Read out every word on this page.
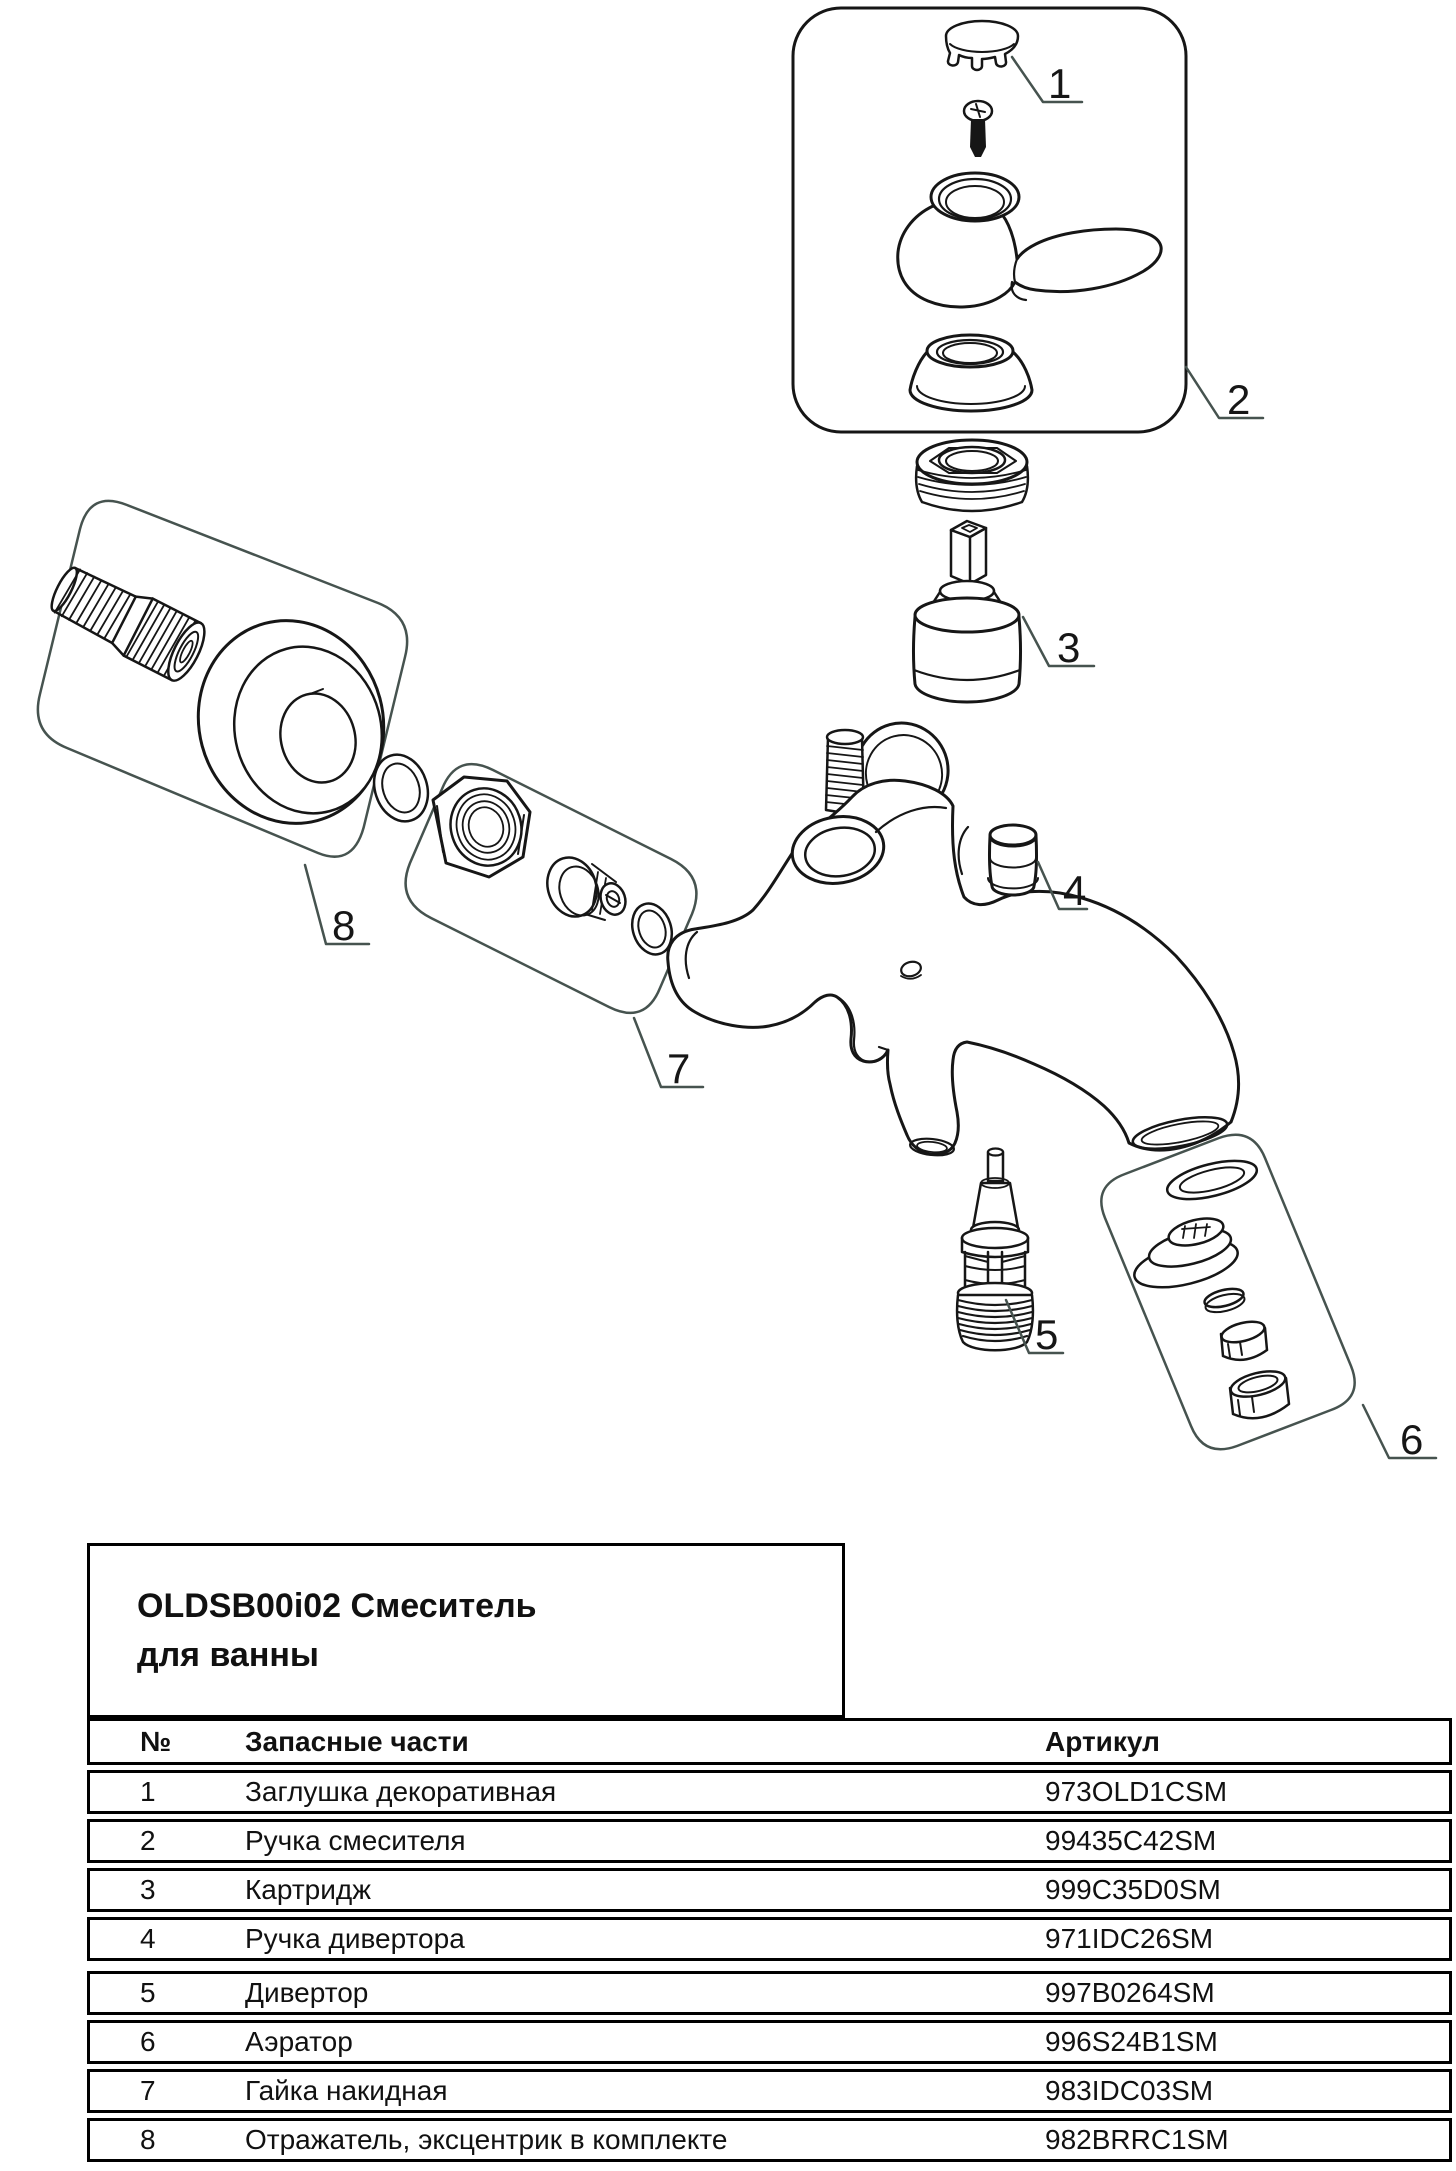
1
2
3
4
5
6
7
8
OLDSB00i02 Смеситель
для ванны
№	Запасные части	Артикул
1	Заглушка декоративная	973OLD1CSM
2	Ручка смесителя	99435C42SM
3	Картридж	999C35D0SM
4	Ручка дивертора	971IDC26SM
5	Дивертор	997B0264SM
6	Аэратор	996S24B1SM
7	Гайка накидная	983IDC03SM
8	Отражатель, эксцентрик в комплекте	982BRRC1SM
